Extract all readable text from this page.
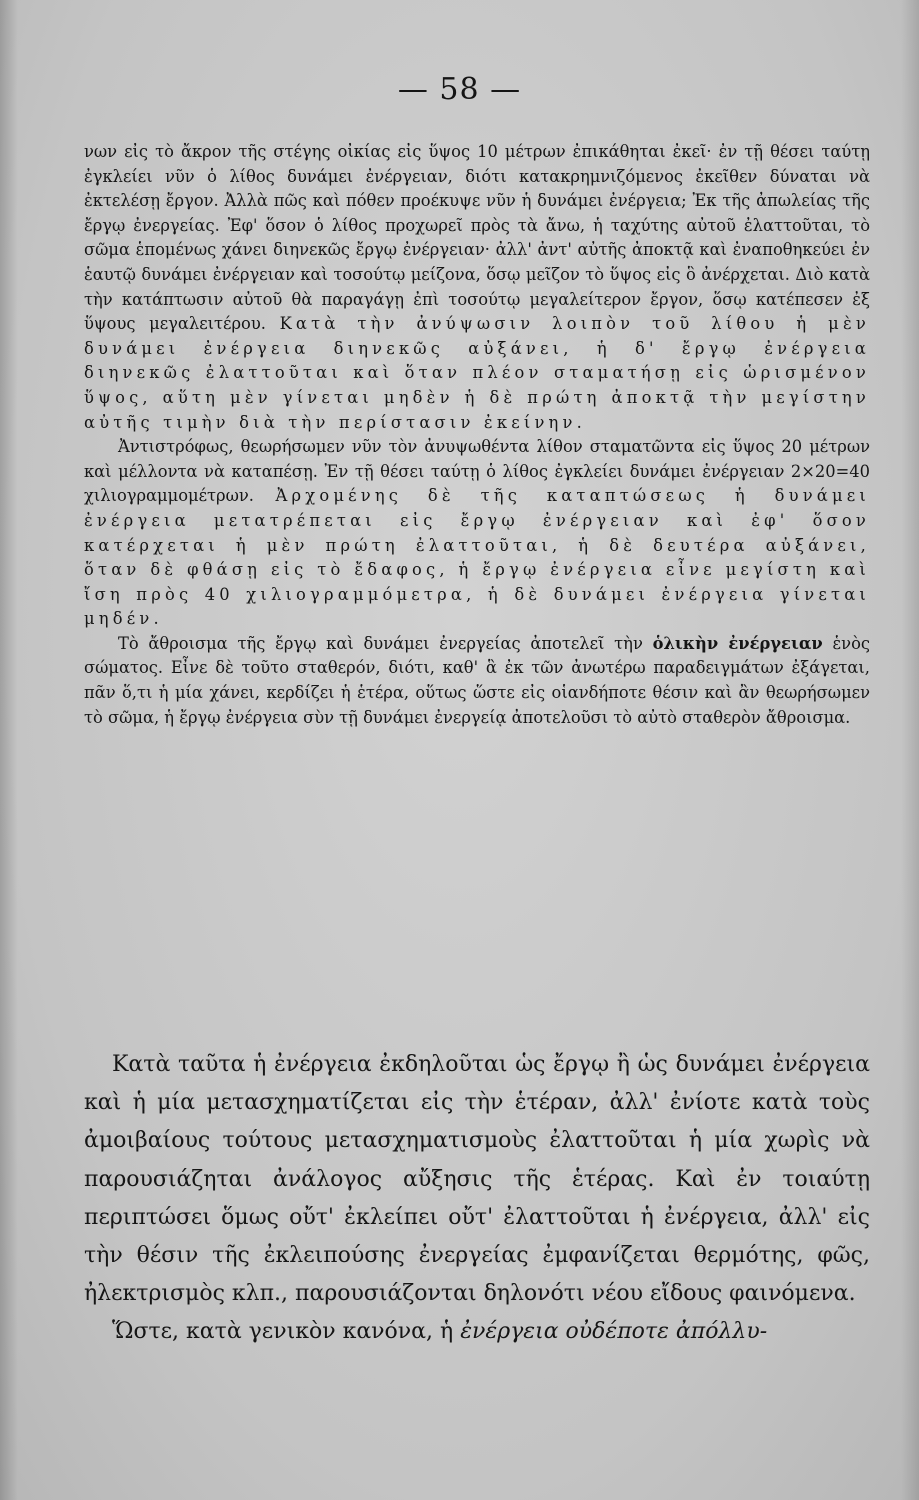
— 58 —

νων εἰς τὸ ἄκρον τῆς στέγης οἰκίας εἰς ὕψος 10 μέτρων ἐπικάθηται ἐκεῖ· ἐν τῇ θέσει ταύτῃ ἐγκλείει νῦν ὁ λίθος δυνάμει ἐνέργειαν, διότι κατακρημνιζόμενος ἐκεῖθεν δύναται νὰ ἐκτελέσῃ ἔργον. Ἀλλὰ πῶς καὶ πόθεν προέκυψε νῦν ἡ δυνάμει ἐνέργεια; Ἐκ τῆς ἀπωλείας τῆς ἔργῳ ἐνεργείας. Ἐφ' ὅσον ὁ λίθος προχωρεῖ πρὸς τὰ ἄνω, ἡ ταχύτης αὐτοῦ ἐλαττοῦται, τὸ σῶμα ἑπομένως χάνει διηνεκῶς ἔργῳ ἐνέργειαν· ἀλλ' ἀντ' αὐτῆς ἀποκτᾷ καὶ ἐναποθηκεύει ἐν ἑαυτῷ δυνάμει ἐνέργειαν καὶ τοσούτῳ μείζονα, ὅσῳ μεῖζον τὸ ὕψος εἰς ὃ ἀνέρχεται. Διὸ κατὰ τὴν κατάπτωσιν αὐτοῦ θὰ παραγάγῃ ἐπὶ τοσούτῳ μεγαλείτερον ἔργον, ὅσῳ κατέπεσεν ἐξ ὕψους μεγαλειτέρου. Κατὰ τὴν ἀνύψωσιν λοιπὸν τοῦ λίθου ἡ μὲν δυνάμει ἐνέργεια διηνεκῶς αὐξάνει, ἡ δ' ἔργῳ ἐνέργεια διηνεκῶς ἐλαττοῦται καὶ ὅταν πλέον σταματήσῃ εἰς ὡρισμένον ὕψος, αὕτη μὲν γίνεται μηδὲν ἡ δὲ πρώτη ἀποκτᾷ τὴν μεγίστην αὐτῆς τιμὴν διὰ τὴν περίστασιν ἐκείνην.

Ἀντιστρόφως, θεωρήσωμεν νῦν τὸν ἀνυψωθέντα λίθον σταματῶντα εἰς ὕψος 20 μέτρων καὶ μέλλοντα νὰ καταπέσῃ. Ἐν τῇ θέσει ταύτῃ ὁ λίθος ἐγκλείει δυνάμει ἐνέργειαν 2×20=40 χιλιογραμμομέτρων. Ἀρχομένης δὲ τῆς καταπτώσεως ἡ δυνάμει ἐνέργεια μετατρέπεται εἰς ἔργῳ ἐνέργειαν καὶ ἐφ' ὅσον κατέρχεται ἡ μὲν πρώτη ἐλαττοῦται, ἡ δὲ δευτέρα αὐξάνει, ὅταν δὲ φθάσῃ εἰς τὸ ἔδαφος, ἡ ἔργῳ ἐνέργεια εἶνε μεγίστη καὶ ἴση πρὸς 40 χιλιογραμμόμετρα, ἡ δὲ δυνάμει ἐνέργεια γίνεται μηδέν.

Τὸ ἄθροισμα τῆς ἔργῳ καὶ δυνάμει ἐνεργείας ἀποτελεῖ τὴν ὁλικὴν ἐνέργειαν ἑνὸς σώματος. Εἶνε δὲ τοῦτο σταθερόν, διότι, καθ' ἃ ἐκ τῶν ἀνωτέρω παραδειγμάτων ἐξάγεται, πᾶν ὅ,τι ἡ μία χάνει, κερδίζει ἡ ἑτέρα, οὕτως ὥστε εἰς οἱανδήποτε θέσιν καὶ ἂν θεωρήσωμεν τὸ σῶμα, ἡ ἔργῳ ἐνέργεια σὺν τῇ δυνάμει ἐνεργείᾳ ἀποτελοῦσι τὸ αὐτὸ σταθερὸν ἄθροισμα.

Κατὰ ταῦτα ἡ ἐνέργεια ἐκδηλοῦται ὡς ἔργῳ ἢ ὡς δυνάμει ἐνέργεια καὶ ἡ μία μετασχηματίζεται εἰς τὴν ἑτέραν, ἀλλ' ἐνίοτε κατὰ τοὺς ἀμοιβαίους τούτους μετασχηματισμοὺς ἐλαττοῦται ἡ μία χωρὶς νὰ παρουσιάζηται ἀνάλογος αὔξησις τῆς ἑτέρας. Καὶ ἐν τοιαύτῃ περιπτώσει ὅμως οὔτ' ἐκλείπει οὔτ' ἐλαττοῦται ἡ ἐνέργεια, ἀλλ' εἰς τὴν θέσιν τῆς ἐκλειπούσης ἐνεργείας ἐμφανίζεται θερμότης, φῶς, ἠλεκτρισμὸς κλπ., παρουσιάζονται δηλονότι νέου εἴδους φαινόμενα.

Ὥστε, κατὰ γενικὸν κανόνα, ἡ ἐνέργεια οὐδέποτε ἀπόλλυ-
